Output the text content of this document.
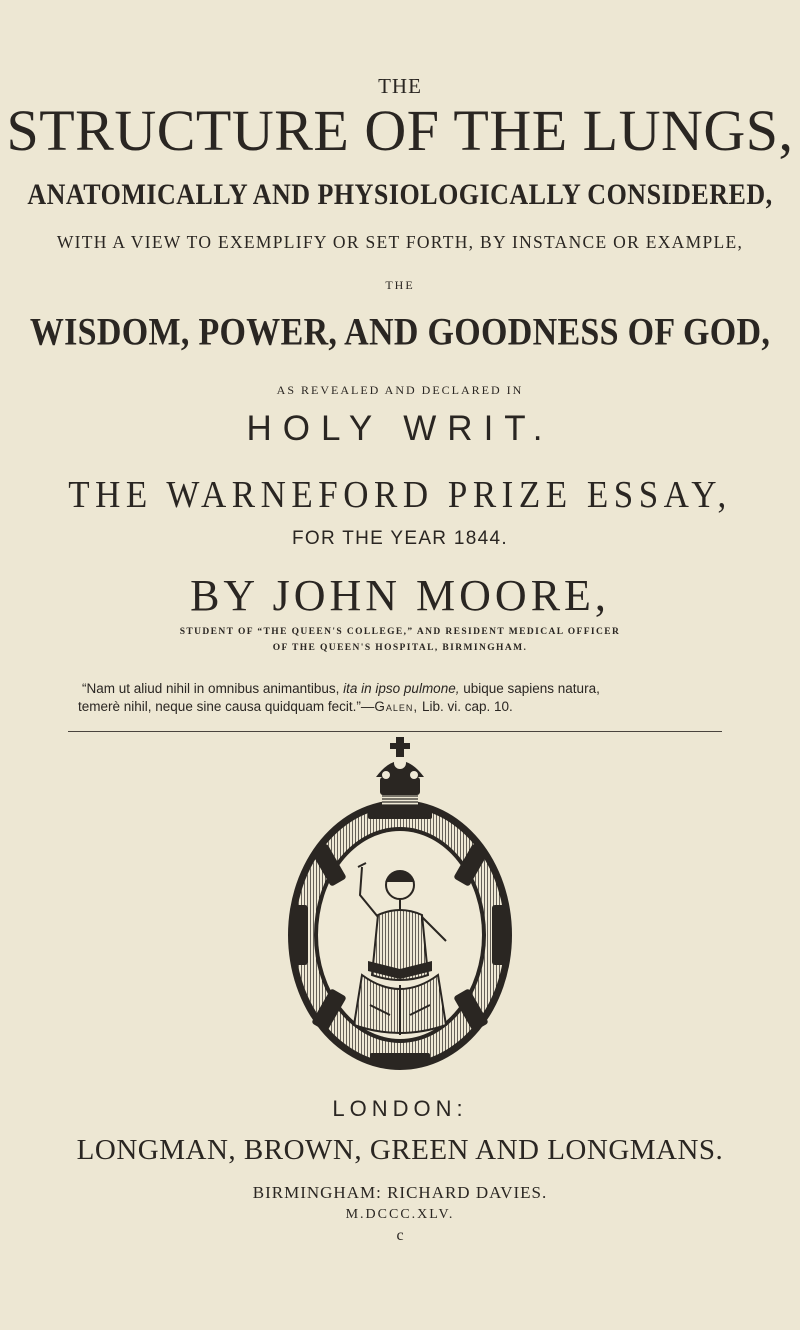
THE
STRUCTURE OF THE LUNGS,
ANATOMICALLY AND PHYSIOLOGICALLY CONSIDERED,
WITH A VIEW TO EXEMPLIFY OR SET FORTH, BY INSTANCE OR EXAMPLE,
THE
WISDOM, POWER, AND GOODNESS OF GOD,
AS REVEALED AND DECLARED IN
HOLY WRIT.
THE WARNEFORD PRIZE ESSAY,
FOR THE YEAR 1844.
BY JOHN MOORE,
STUDENT OF “THE QUEEN'S COLLEGE,” AND RESIDENT MEDICAL OFFICER
OF THE QUEEN'S HOSPITAL, BIRMINGHAM.
“Nam ut aliud nihil in omnibus animantibus, ita in ipso pulmone, ubique sapiens natura,
temerè nihil, neque sine causa quidquam fecit.”—Galen, Lib. vi. cap. 10.
LONDON:
LONGMAN, BROWN, GREEN AND LONGMANS.
BIRMINGHAM: RICHARD DAVIES.
M.DCCC.XLV.
c
